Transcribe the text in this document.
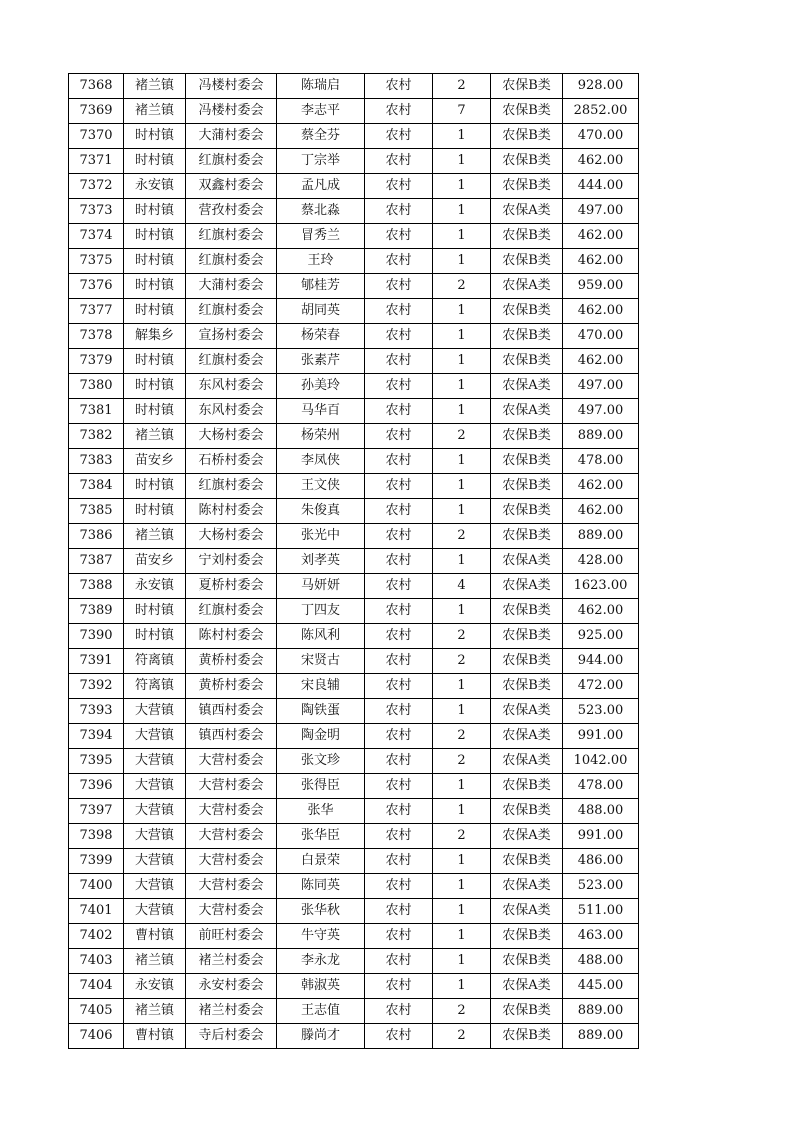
7368	褚兰镇	冯楼村委会	陈瑞启	农村	2	农保B类	928.00
7369	褚兰镇	冯楼村委会	李志平	农村	7	农保B类	2852.00
7370	时村镇	大蒲村委会	蔡全芬	农村	1	农保B类	470.00
7371	时村镇	红旗村委会	丁宗举	农村	1	农保B类	462.00
7372	永安镇	双鑫村委会	孟凡成	农村	1	农保B类	444.00
7373	时村镇	营孜村委会	蔡北淼	农村	1	农保A类	497.00
7374	时村镇	红旗村委会	冒秀兰	农村	1	农保B类	462.00
7375	时村镇	红旗村委会	王玲	农村	1	农保B类	462.00
7376	时村镇	大蒲村委会	郇桂芳	农村	2	农保A类	959.00
7377	时村镇	红旗村委会	胡同英	农村	1	农保B类	462.00
7378	解集乡	宣扬村委会	杨荣春	农村	1	农保B类	470.00
7379	时村镇	红旗村委会	张素芹	农村	1	农保B类	462.00
7380	时村镇	东风村委会	孙美玲	农村	1	农保A类	497.00
7381	时村镇	东风村委会	马华百	农村	1	农保A类	497.00
7382	褚兰镇	大杨村委会	杨荣州	农村	2	农保B类	889.00
7383	苗安乡	石桥村委会	李凤侠	农村	1	农保B类	478.00
7384	时村镇	红旗村委会	王文侠	农村	1	农保B类	462.00
7385	时村镇	陈村村委会	朱俊真	农村	1	农保B类	462.00
7386	褚兰镇	大杨村委会	张光中	农村	2	农保B类	889.00
7387	苗安乡	宁刘村委会	刘孝英	农村	1	农保A类	428.00
7388	永安镇	夏桥村委会	马妍妍	农村	4	农保A类	1623.00
7389	时村镇	红旗村委会	丁四友	农村	1	农保B类	462.00
7390	时村镇	陈村村委会	陈风利	农村	2	农保B类	925.00
7391	符离镇	黄桥村委会	宋贤古	农村	2	农保B类	944.00
7392	符离镇	黄桥村委会	宋良辅	农村	1	农保B类	472.00
7393	大营镇	镇西村委会	陶铁蛋	农村	1	农保A类	523.00
7394	大营镇	镇西村委会	陶金明	农村	2	农保A类	991.00
7395	大营镇	大营村委会	张文珍	农村	2	农保A类	1042.00
7396	大营镇	大营村委会	张得臣	农村	1	农保B类	478.00
7397	大营镇	大营村委会	张华	农村	1	农保B类	488.00
7398	大营镇	大营村委会	张华臣	农村	2	农保A类	991.00
7399	大营镇	大营村委会	白景荣	农村	1	农保B类	486.00
7400	大营镇	大营村委会	陈同英	农村	1	农保A类	523.00
7401	大营镇	大营村委会	张华秋	农村	1	农保A类	511.00
7402	曹村镇	前旺村委会	牛守英	农村	1	农保B类	463.00
7403	褚兰镇	褚兰村委会	李永龙	农村	1	农保B类	488.00
7404	永安镇	永安村委会	韩淑英	农村	1	农保A类	445.00
7405	褚兰镇	褚兰村委会	王志值	农村	2	农保B类	889.00
7406	曹村镇	寺后村委会	滕尚才	农村	2	农保B类	889.00
